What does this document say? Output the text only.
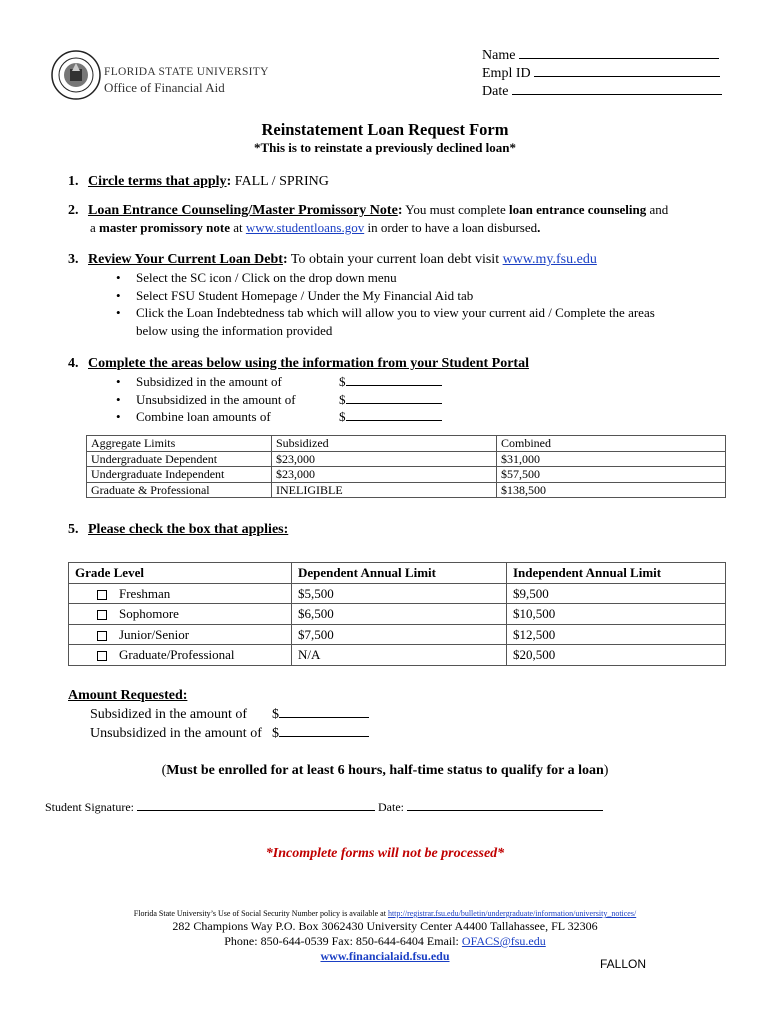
FLORIDA STATE UNIVERSITY
Office of Financial Aid
Name
Empl ID
Date
Reinstatement Loan Request Form
*This is to reinstate a previously declined loan*
1. Circle terms that apply: FALL / SPRING
2. Loan Entrance Counseling/Master Promissory Note: You must complete loan entrance counseling and
a master promissory note at www.studentloans.gov in order to have a loan disbursed.
3. Review Your Current Loan Debt: To obtain your current loan debt visit www.my.fsu.edu
• Select the SC icon / Click on the drop down menu
• Select FSU Student Homepage / Under the My Financial Aid tab
• Click the Loan Indebtedness tab which will allow you to view your current aid / Complete the areas
below using the information provided
4. Complete the areas below using the information from your Student Portal
• Subsidized in the amount of	$
• Unsubsidized in the amount of	$
• Combine loan amounts of	$
Aggregate Limits	Subsidized	Combined
Undergraduate Dependent	$23,000	$31,000
Undergraduate Independent	$23,000	$57,500
Graduate & Professional	INELIGIBLE	$138,500
5. Please check the box that applies:
Grade Level	Dependent Annual Limit	Independent Annual Limit
Freshman	$5,500	$9,500
Sophomore	$6,500	$10,500
Junior/Senior	$7,500	$12,500
Graduate/Professional	N/A	$20,500
Amount Requested:
Subsidized in the amount of $
Unsubsidized in the amount of $
(Must be enrolled for at least 6 hours, half-time status to qualify for a loan)
Student Signature:	Date:
*Incomplete forms will not be processed*
Florida State University’s Use of Social Security Number policy is available at http://registrar.fsu.edu/bulletin/undergraduate/information/university_notices/
282 Champions Way P.O. Box 3062430 University Center A4400 Tallahassee, FL 32306
Phone: 850-644-0539 Fax: 850-644-6404 Email: OFACS@fsu.edu
www.financialaid.fsu.edu
FALLON
